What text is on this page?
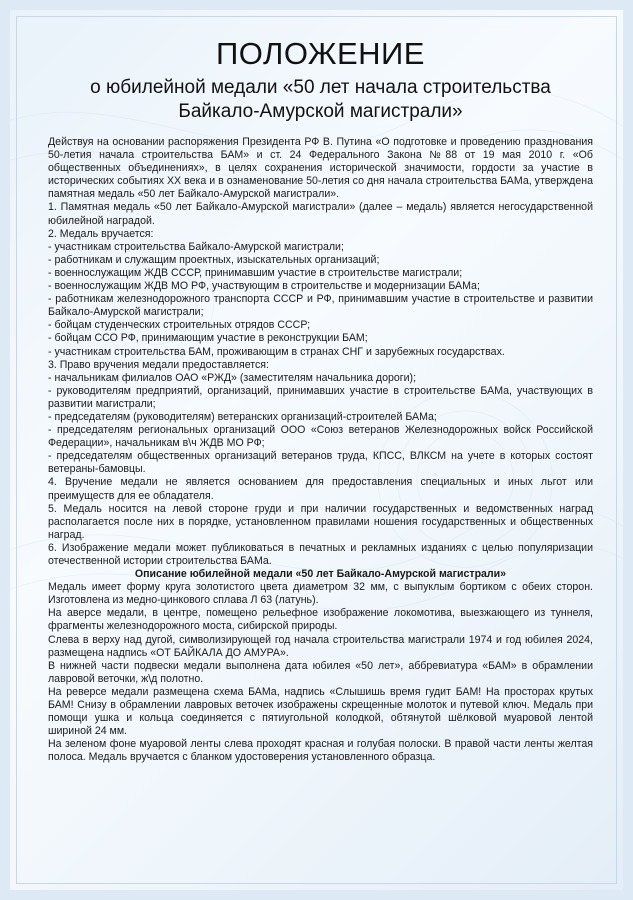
ПОЛОЖЕНИЕ
о юбилейной медали «50 лет начала строительства
Байкало-Амурской магистрали»

Действуя на основании распоряжения Президента РФ В. Путина «О подготовке и проведению празднования 50-летия начала строительства БАМ» и ст. 24 Федерального Закона №88 от 19 мая 2010 г. «Об общественных объединениях», в целях сохранения исторической значимости, гордости за участие в исторических событиях XX века и в ознаменование 50-летия со дня начала строительства БАМа, утверждена памятная медаль «50 лет Байкало-Амурской магистрали».

1. Памятная медаль «50 лет Байкало-Амурской магистрали» (далее – медаль) является негосударственной юбилейной наградой.

2. Медаль вручается:

- участникам строительства Байкало-Амурской магистрали;

- работникам и служащим проектных, изыскательных организаций;

- военнослужащим ЖДВ СССР, принимавшим участие в строительстве магистрали;

- военнослужащим ЖДВ МО РФ, участвующим в строительстве и модернизации БАМа;

- работникам железнодорожного транспорта СССР и РФ, принимавшим участие в строительстве и развитии Байкало-Амурской магистрали;

- бойцам студенческих строительных отрядов СССР;

- бойцам ССО РФ, принимающим участие в реконструкции БАМ;

- участникам строительства БАМ, проживающим в странах СНГ и зарубежных государствах.

3. Право вручения медали предоставляется:

- начальникам филиалов ОАО «РЖД» (заместителям начальника дороги);

- руководителям предприятий, организаций, принимавших участие в строительстве БАМа, участвующих в развитии магистрали;

- председателям (руководителям) ветеранских организаций-строителей БАМа;

- председателям региональных организаций ООО «Союз ветеранов Железнодорожных войск Российской Федерации», начальникам в\ч ЖДВ МО РФ;

- председателям общественных организаций ветеранов труда, КПСС, ВЛКСМ на учете в которых состоят ветераны-бамовцы.

4. Вручение медали не является основанием для предоставления специальных и иных льгот или преимуществ для ее обладателя.

5. Медаль носится на левой стороне груди и при наличии государственных и ведомственных наград располагается после них в порядке, установленном правилами ношения государственных и общественных наград.

6. Изображение медали может публиковаться в печатных и рекламных изданиях с целью популяризации отечественной истории строительства БАМа.

Описание юбилейной медали «50 лет Байкало-Амурской магистрали»

Медаль имеет форму круга золотистого цвета диаметром 32 мм, с выпуклым бортиком с обеих сторон. Изготовлена из медно-цинкового сплава Л 63 (латунь).

На аверсе медали, в центре, помещено рельефное изображение локомотива, выезжающего из туннеля, фрагменты железнодорожного моста, сибирской природы.

Слева в верху над дугой, символизирующей год начала строительства магистрали 1974 и год юбилея 2024, размещена надпись «ОТ БАЙКАЛА ДО АМУРА».

В нижней части подвески медали выполнена дата юбилея «50 лет», аббревиатура «БАМ» в обрамлении лавровой веточки, ж\д полотно.

На реверсе медали размещена схема БАМа, надпись «Слышишь время гудит БАМ! На просторах крутых БАМ! Снизу в обрамлении лавровых веточек изображены скрещенные молоток и путевой ключ. Медаль при помощи ушка и кольца соединяется с пятиугольной колодкой, обтянутой шёлковой муаровой лентой шириной 24 мм.

На зеленом фоне муаровой ленты слева проходят красная и голубая полоски. В правой части ленты желтая полоса. Медаль вручается с бланком удостоверения установленного образца.
